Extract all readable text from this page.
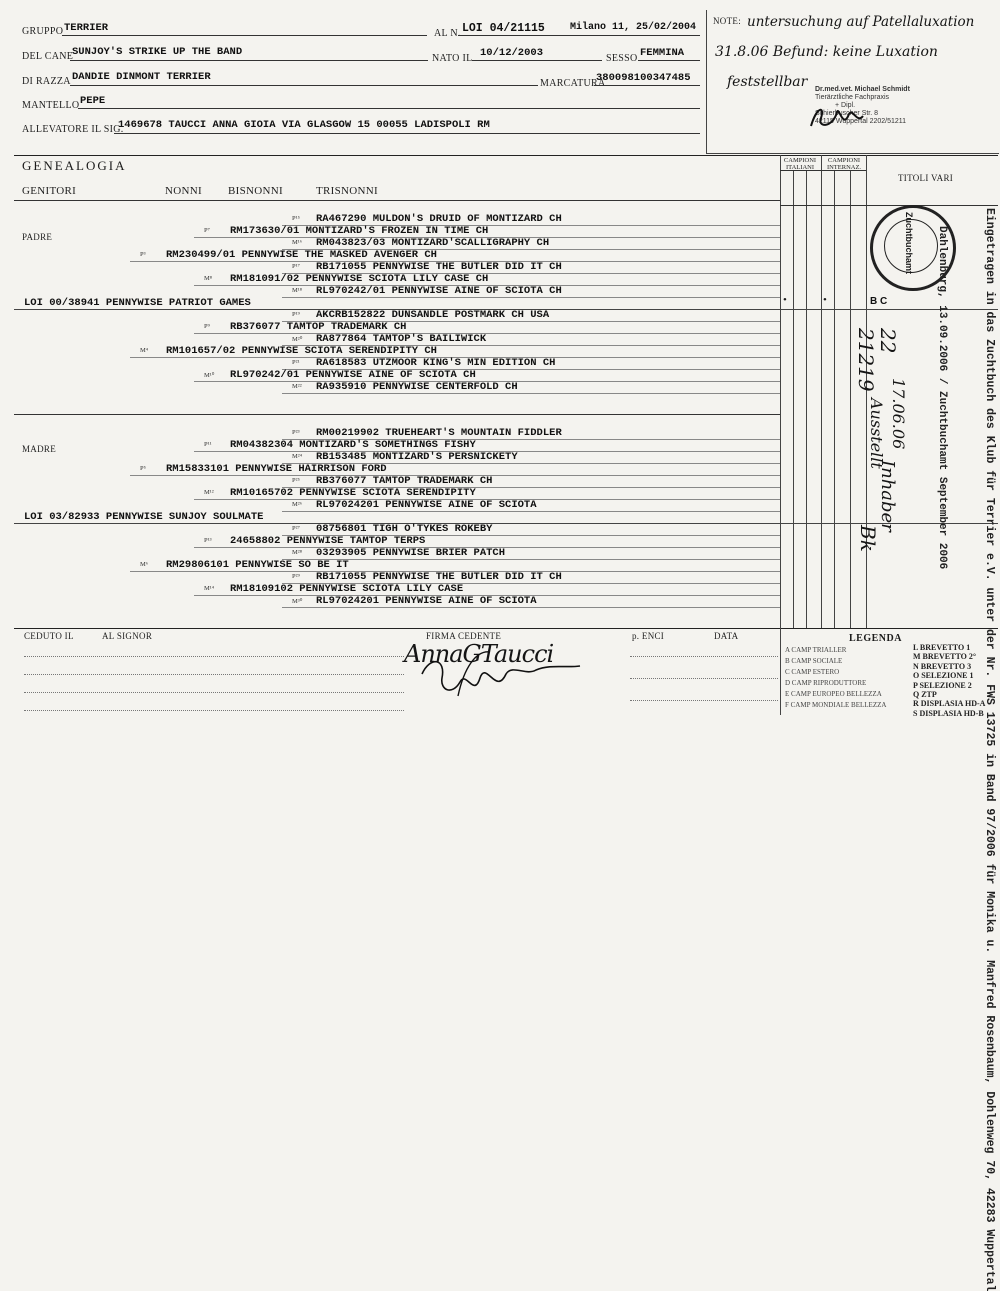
GRUPPO TERRIER	AL N. LOI 04/21115	Milano 11, 25/02/2004
DEL CANE
SUNJOY'S STRIKE UP THE BAND
NATO IL 10/12/2003	SESSO FEMMINA
DI RAZZA DANDIE DINMONT TERRIER
MARCATURA
380098100347485
MANTELLO PEPE
ALLEVATORE IL SIG.
1469678 TAUCCI ANNA GIOIA VIA GLASGOW 15 00055 LADISPOLI RM
NOTE: untersuchung auf Patellaluxation
31.8.06 Befund: keine Luxation
feststellbar Dr.med.vet. Michael Schmidt
Tierärztliche Fachpraxis
+ Dipl.
Schierbuscher Str. 8
42115 Wuppertal 2202/51211
GENEALOGIA
GENITORI	NONNI BISNONNI	TRISNONNI
CAMPIONI ITALIANI
CAMPIONI INTERNAZ.
TITOLI VARI
PADRE
P¹⁵ RA467290 MULDON'S DRUID OF MONTIZARD CH
P⁷ RM173630/01 MONTIZARD'S FROZEN IN TIME CH
M¹⁶ RM043823/03 MONTIZARD'SCALLIGRAPHY CH
P³ RM230499/01 PENNYWISE THE MASKED AVENGER CH
P¹⁷ RB171055 PENNYWISE THE BUTLER DID IT CH
M⁸ RM181091/02 PENNYWISE SCIOTA LILY CASE CH
M¹⁸ RL970242/01 PENNYWISE AINE OF SCIOTA CH
LOI 00/38941 PENNYWISE PATRIOT GAMES
P¹⁹ AKCRB152822 DUNSANDLE POSTMARK CH USA
P⁹ RB376077 TAMTOP TRADEMARK CH
M²⁰ RA877864 TAMTOP'S BAILIWICK
M⁴ RM101657/02 PENNYWISE SCIOTA SERENDIPITY CH
P²¹ RA618583 UTZMOOR KING'S MIN EDITION CH
M¹⁰ RL970242/01 PENNYWISE AINE OF SCIOTA CH
M²² RA935910 PENNYWISE CENTERFOLD CH
•	•	B C
MADRE
P²³ RM00219902 TRUEHEART'S MOUNTAIN FIDDLER
P¹¹ RM04382304 MONTIZARD'S SOMETHINGS FISHY
M²⁴ RB153485 MONTIZARD'S PERSNICKETY
P⁵ RM15833101 PENNYWISE HAIRRISON FORD
P²⁵ RB376077 TAMTOP TRADEMARK CH
M¹² RM10165702 PENNYWISE SCIOTA SERENDIPITY
M²⁶ RL97024201 PENNYWISE AINE OF SCIOTA
LOI 03/82933 PENNYWISE SUNJOY SOULMATE
P²⁷ 08756801 TIGH O'TYKES ROKEBY
P¹³ 24658802 PENNYWISE TAMTOP TERPS
M²⁸ 03293905 PENNYWISE BRIER PATCH
M⁶ RM29806101 PENNYWISE SO BE IT
P²⁹ RB171055 PENNYWISE THE BUTLER DID IT CH
M¹⁴ RM18109102 PENNYWISE SCIOTA LILY CASE
M³⁰ RL97024201 PENNYWISE AINE OF SCIOTA
Zuchtbuchamt	Eingetragen in das Zuchtbuch des Klub für Terrier e.V. unter der Nr. FWS 13725 in Band 97/2006 für Monika u. Manfred Rosenbaum, Dohlenweg 70, 42283 Wuppertal
Dahlenburg, 13.09.2006 / Zuchtbuchamt September 2006
22
21219
17.06.06
Ausstellt
Inhaber
Bk
CEDUTO IL	AL SIGNOR	FIRMA CEDENTE	p. ENCI	DATA
AnnaGTaucci
LEGENDA
A CAMP TRIALLER
B CAMP SOCIALE
C CAMP ESTERO
D CAMP RIPRODUTTORE
E CAMP EUROPEO BELLEZZA
F CAMP MONDIALE BELLEZZA
L BREVETTO 1
M BREVETTO 2°
N BREVETTO 3
O SELEZIONE 1
P SELEZIONE 2
Q ZTP
R DISPLASIA HD-A
S DISPLASIA HD-B
